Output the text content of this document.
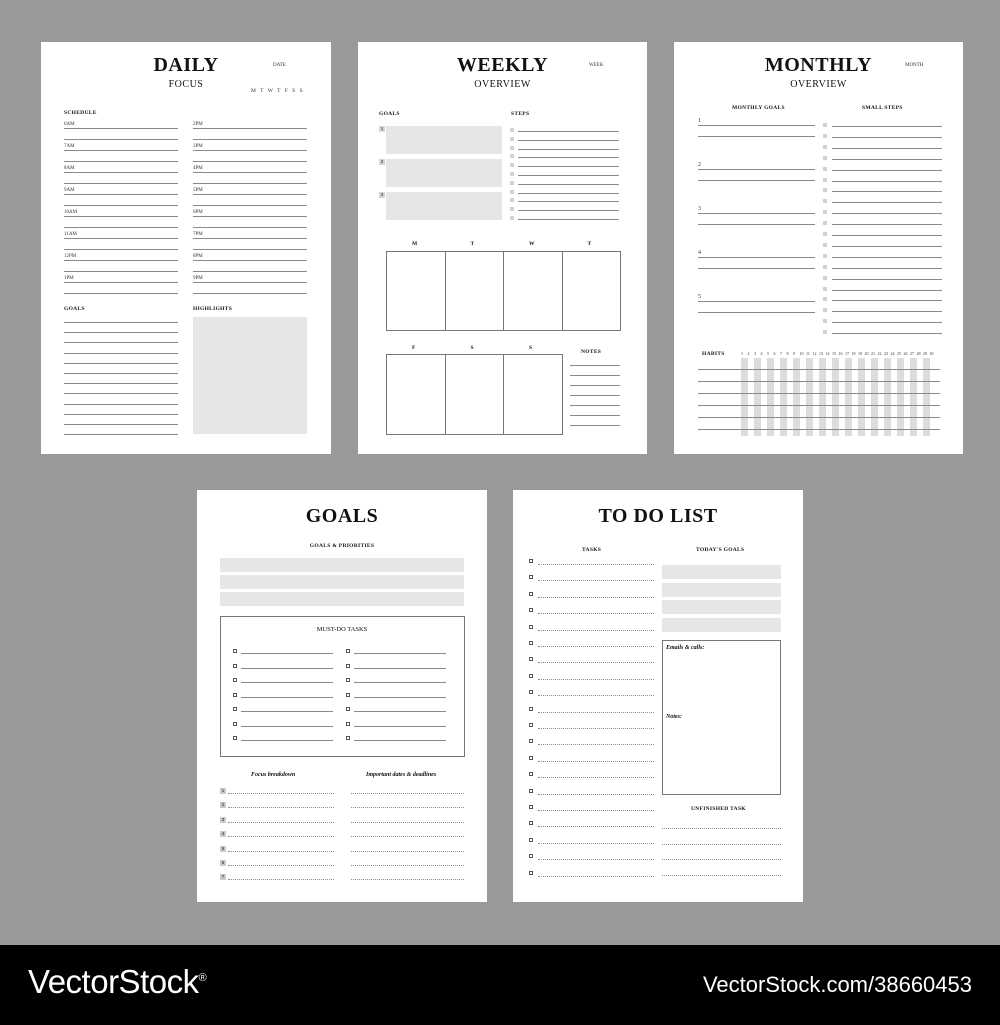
DAILY
FOCUS
DATE
M T W T F S S
SCHEDULE
GOALS	HIGHLIGHTS
6AM	2PM
7AM	3PM
8AM	4PM
9AM	5PM
10AM	6PM
11AM	7PM
12PM	8PM
1PM	9PM
WEEKLY
OVERVIEW
WEEK
GOALS	STEPS
NOTES
1
2
3
M	T	W	T
F	S	S
MONTHLY
OVERVIEW
MONTH
MONTHLY GOALS	SMALL STEPS
HABITS
1
2
3
4
5
1 2 3 4 5 6 7 8 9 10 11 12 13 14 15 16 17 18 19 20 21 22 23 24 25 26 27 28 29 30
GOALS
GOALS & PRIORITIES
MUST-DO TASKS
Focus breakdown	Important dates & deadlines
1
2
3
4
5
6
7
TO DO LIST
TASKS	TODAY'S GOALS
Emails & calls:
Notes:
UNFINISHED TASK
VectorStock®	VectorStock.com/38660453
